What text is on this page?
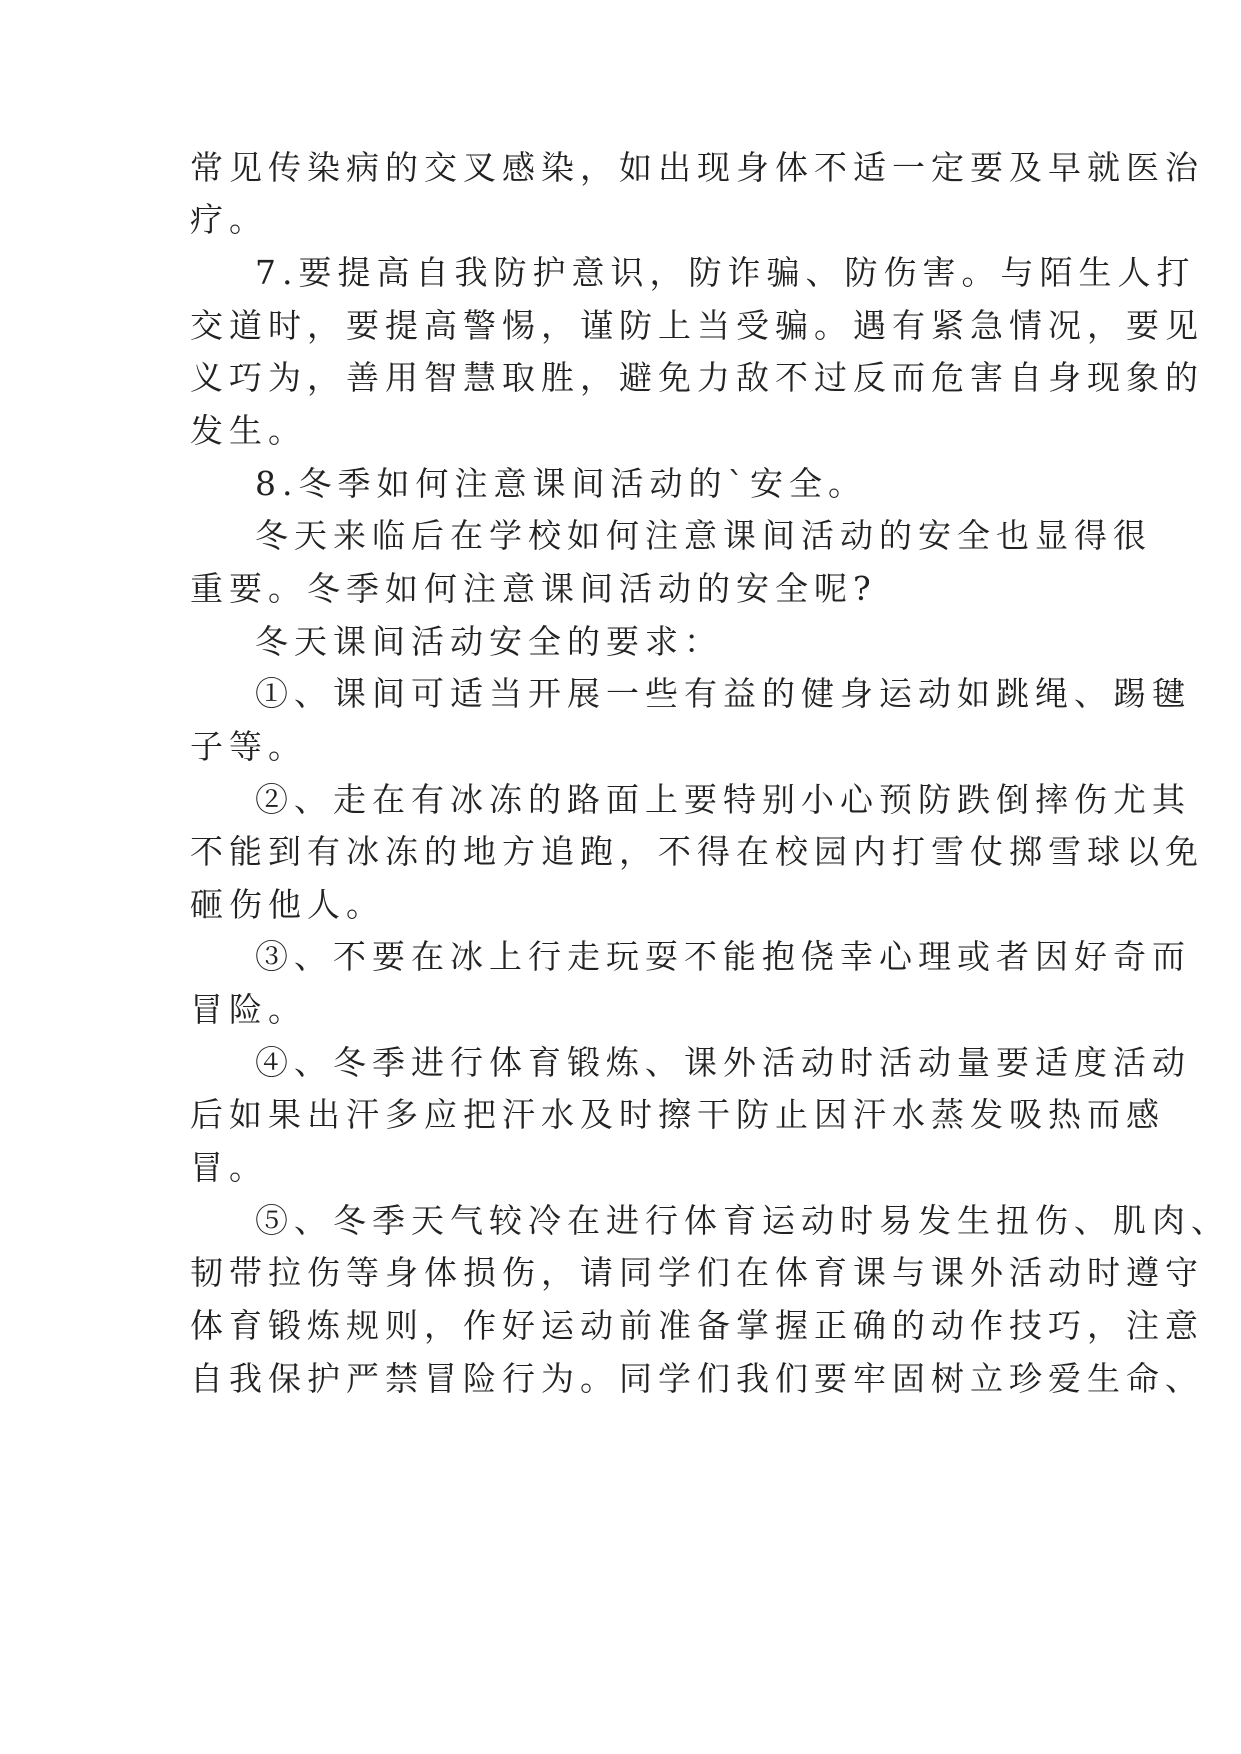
常见传染病的交叉感染，如出现身体不适一定要及早就医治

疗。

7.要提高自我防护意识，防诈骗、防伤害。与陌生人打

交道时，要提高警惕，谨防上当受骗。遇有紧急情况，要见

义巧为，善用智慧取胜，避免力敌不过反而危害自身现象的

发生。

8.冬季如何注意课间活动的`安全。

冬天来临后在学校如何注意课间活动的安全也显得很

重要。冬季如何注意课间活动的安全呢?

冬天课间活动安全的要求：

①、课间可适当开展一些有益的健身运动如跳绳、踢毽

子等。

②、走在有冰冻的路面上要特别小心预防跌倒摔伤尤其

不能到有冰冻的地方追跑，不得在校园内打雪仗掷雪球以免

砸伤他人。

③、不要在冰上行走玩耍不能抱侥幸心理或者因好奇而

冒险。

④、冬季进行体育锻炼、课外活动时活动量要适度活动

后如果出汗多应把汗水及时擦干防止因汗水蒸发吸热而感

冒。

⑤、冬季天气较冷在进行体育运动时易发生扭伤、肌肉、

韧带拉伤等身体损伤，请同学们在体育课与课外活动时遵守

体育锻炼规则，作好运动前准备掌握正确的动作技巧，注意

自我保护严禁冒险行为。同学们我们要牢固树立珍爱生命、
